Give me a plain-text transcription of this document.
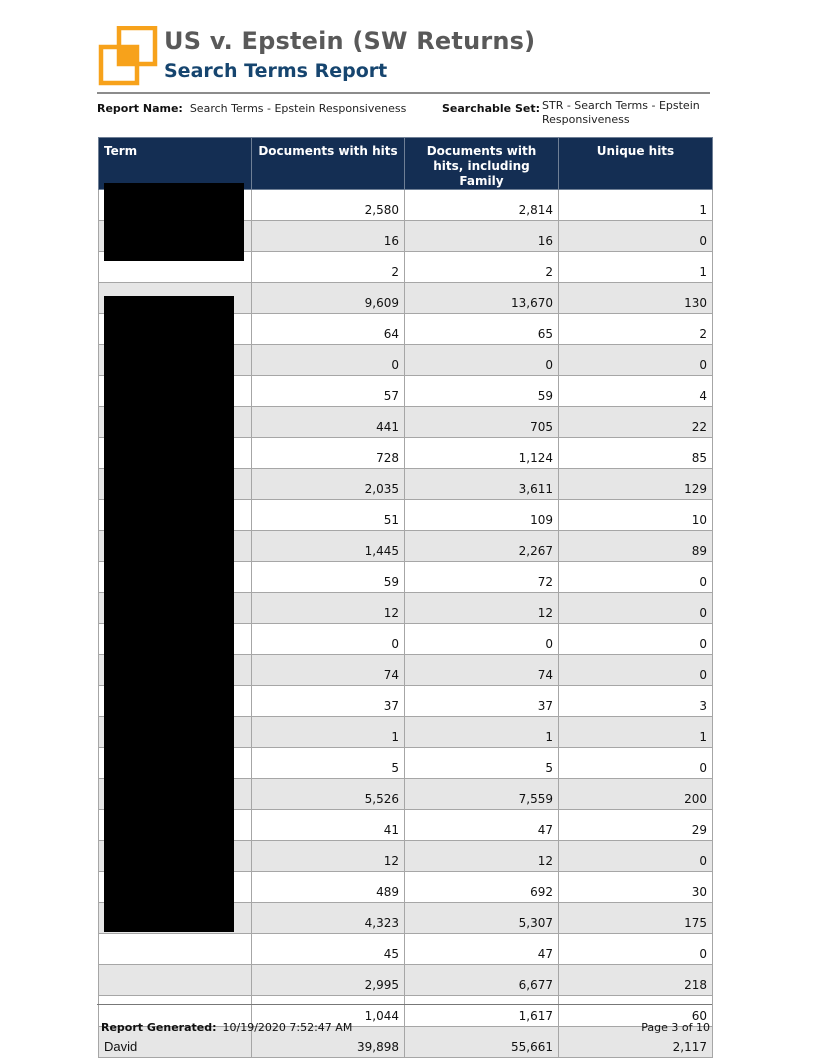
US v. Epstein (SW Returns)
Search Terms Report
Report Name: Search Terms - Epstein Responsiveness	Searchable Set: STR - Search Terms - Epstein Responsiveness
Term	Documents with hits	Documents with hits, including Family	Unique hits
	2,580	2,814	1
	16	16	0
	2	2	1
	9,609	13,670	130
	64	65	2
	0	0	0
	57	59	4
	441	705	22
	728	1,124	85
	2,035	3,611	129
	51	109	10
	1,445	2,267	89
	59	72	0
	12	12	0
	0	0	0
	74	74	0
	37	37	3
	1	1	1
	5	5	0
	5,526	7,559	200
	41	47	29
	12	12	0
	489	692	30
	4,323	5,307	175
	45	47	0
	2,995	6,677	218
	1,044	1,617	60
David	39,898	55,661	2,117
Report Generated: 10/19/2020 7:52:47 AM	Page 3 of 10
